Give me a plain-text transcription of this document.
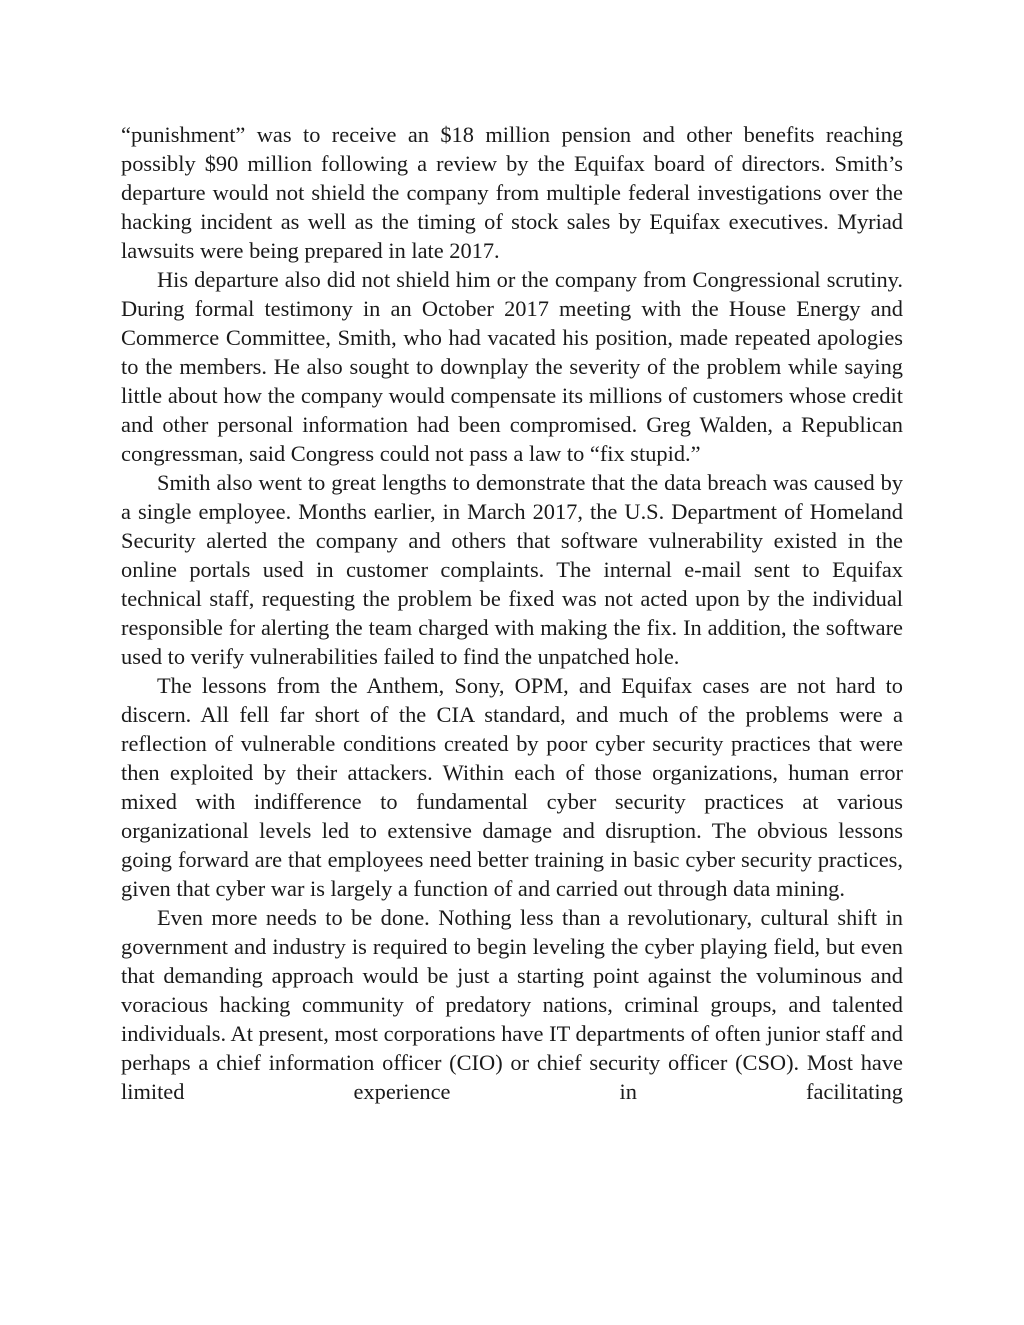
“punishment” was to receive an $18 million pension and other benefits reaching possibly $90 million following a review by the Equifax board of directors. Smith’s departure would not shield the company from multiple federal investigations over the hacking incident as well as the timing of stock sales by Equifax executives. Myriad lawsuits were being prepared in late 2017.

His departure also did not shield him or the company from Congressional scrutiny. During formal testimony in an October 2017 meeting with the House Energy and Commerce Committee, Smith, who had vacated his position, made repeated apologies to the members. He also sought to downplay the severity of the problem while saying little about how the company would compensate its millions of customers whose credit and other personal information had been compromised. Greg Walden, a Republican congressman, said Congress could not pass a law to “fix stupid.”

Smith also went to great lengths to demonstrate that the data breach was caused by a single employee. Months earlier, in March 2017, the U.S. Department of Homeland Security alerted the company and others that software vulnerability existed in the online portals used in customer complaints. The internal e-mail sent to Equifax technical staff, requesting the problem be fixed was not acted upon by the individual responsible for alerting the team charged with making the fix. In addition, the software used to verify vulnerabilities failed to find the unpatched hole.

The lessons from the Anthem, Sony, OPM, and Equifax cases are not hard to discern. All fell far short of the CIA standard, and much of the problems were a reflection of vulnerable conditions created by poor cyber security practices that were then exploited by their attackers. Within each of those organizations, human error mixed with indifference to fundamental cyber security practices at various organizational levels led to extensive damage and disruption. The obvious lessons going forward are that employees need better training in basic cyber security practices, given that cyber war is largely a function of and carried out through data mining.

Even more needs to be done. Nothing less than a revolutionary, cultural shift in government and industry is required to begin leveling the cyber playing field, but even that demanding approach would be just a starting point against the voluminous and voracious hacking community of predatory nations, criminal groups, and talented individuals. At present, most corporations have IT departments of often junior staff and perhaps a chief information officer (CIO) or chief security officer (CSO). Most have limited experience in facilitating
